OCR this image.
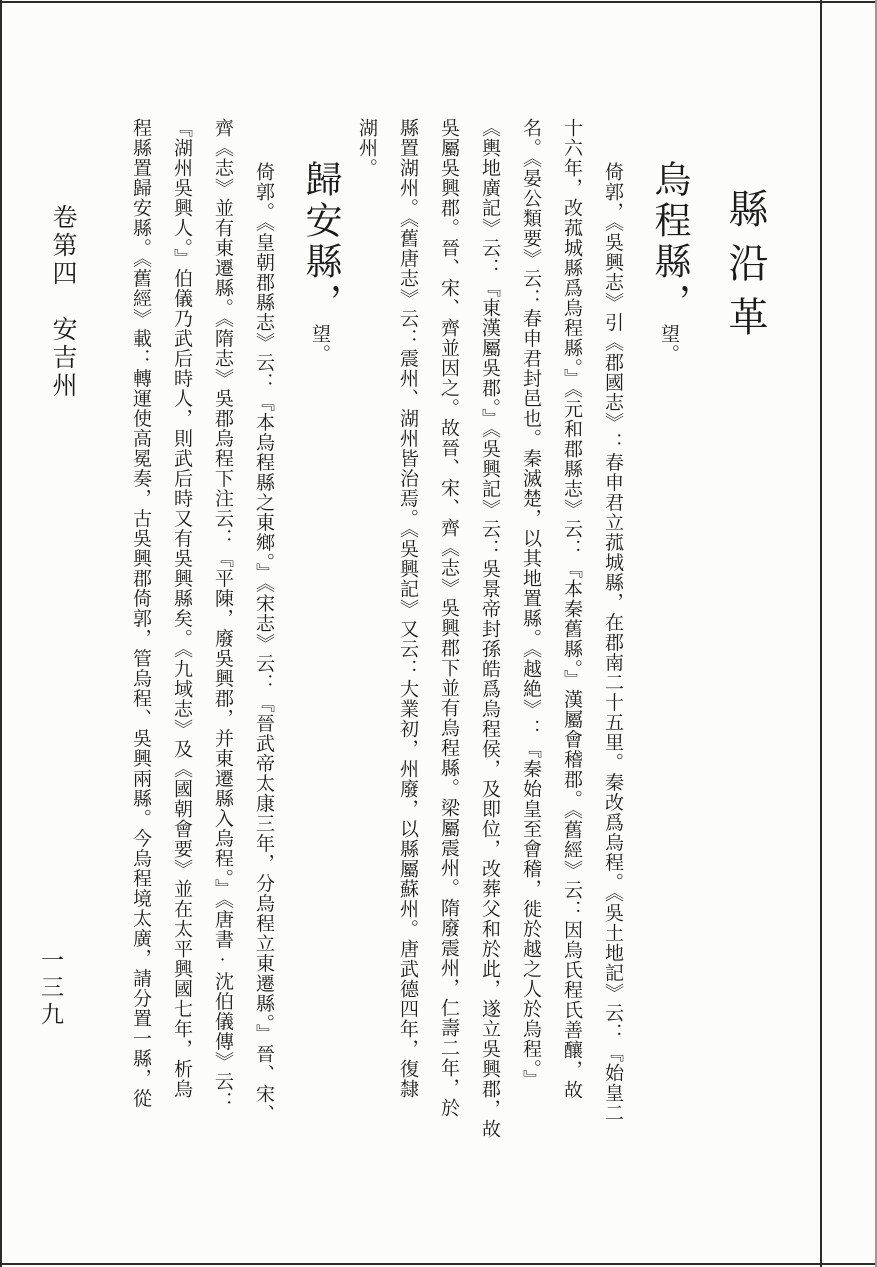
縣沿革
烏程縣，望。
倚郭，《吳興志》引《郡國志》：春申君立菰城縣，在郡南二十五里。秦改爲烏程。《吳土地記》云：『始皇二
十六年，改菰城縣爲烏程縣。』《元和郡縣志》云：『本秦舊縣。』漢屬會稽郡。《舊經》云：因烏氏程氏善釀，故
名。《晏公類要》云：春申君封邑也。秦滅楚，以其地置縣。《越絶》：『秦始皇至會稽，徙於越之人於烏程。』
《輿地廣記》云：『東漢屬吳郡。』《吳興記》云：吳景帝封孫皓爲烏程侯，及即位，改葬父和於此，遂立吳興郡，故
吳屬吳興郡。晉、宋、齊並因之。故晉、宋、齊《志》吳興郡下並有烏程縣。梁屬震州。隋廢震州，仁壽二年，於
縣置湖州。《舊唐志》云：震州、湖州皆治焉。《吳興記》又云：大業初，州廢，以縣屬蘇州。唐武德四年，復隸
湖州。
歸安縣，望。
倚郭。《皇朝郡縣志》云：『本烏程縣之東鄉。』《宋志》云：『晉武帝太康三年，分烏程立東遷縣。』晉、宋、
齊《志》並有東遷縣。《隋志》吳郡烏程下注云：『平陳，廢吳興郡，并東遷縣入烏程。』《唐書·沈伯儀傳》云：
『湖州吳興人。』伯儀乃武后時人，則武后時又有吳興縣矣。《九域志》及《國朝會要》並在太平興國七年，析烏
程縣置歸安縣。《舊經》載：轉運使高冕奏，古吳興郡倚郭，管烏程、吳興兩縣。今烏程境太廣，請分置一縣，從
卷第四　安吉州
一三九
